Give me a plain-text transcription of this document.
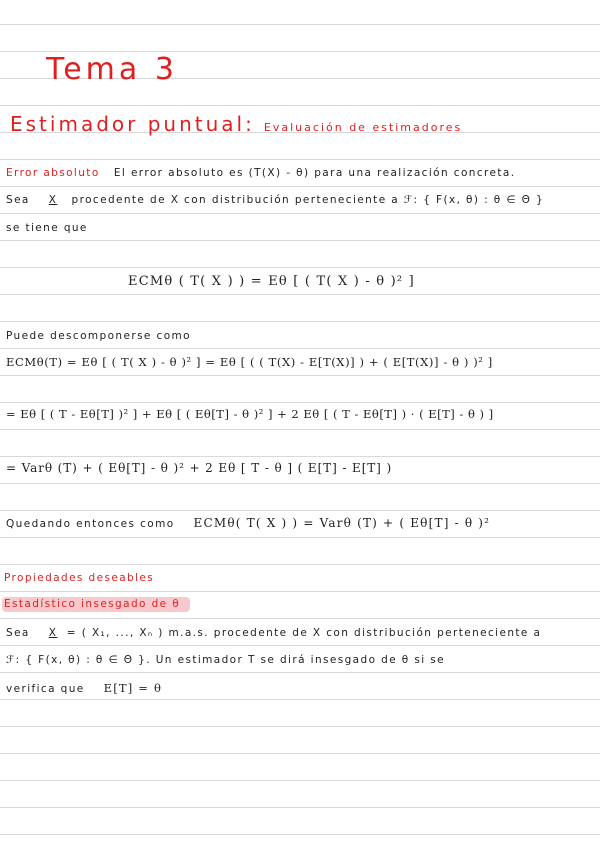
Tema 3
Estimador puntual: Evaluación de estimadores
Error absoluto El error absoluto es (T(X) - θ) para una realización concreta.
Sea X procedente de X con distribución perteneciente a ℱ: { F(x, θ) : θ ∈ Θ }
se tiene que
ECMθ ( T( X ) ) = Eθ [ ( T( X ) - θ )² ]
Puede descomponerse como
ECMθ(T) = Eθ [ ( T( X ) - θ )² ] = Eθ [ ( ( T(X) - E[T(X)] ) + ( E[T(X)] - θ ) )² ]
= Eθ [ ( T - Eθ[T] )² ] + Eθ [ ( Eθ[T] - θ )² ] + 2 Eθ [ ( T - Eθ[T] ) · ( E[T] - θ ) ]
= Varθ (T) + ( Eθ[T] - θ )² + 2 Eθ [ T - θ ] ( E[T] - E[T] )
Quedando entonces como ECMθ( T( X ) ) = Varθ (T) + ( Eθ[T] - θ )²
Propiedades deseables
Estadístico insesgado de θ
Sea X = ( X₁, ..., Xₙ ) m.a.s. procedente de X con distribución perteneciente a
ℱ: { F(x, θ) : θ ∈ Θ }. Un estimador T se dirá insesgado de θ si se
verifica que E[T] = θ
